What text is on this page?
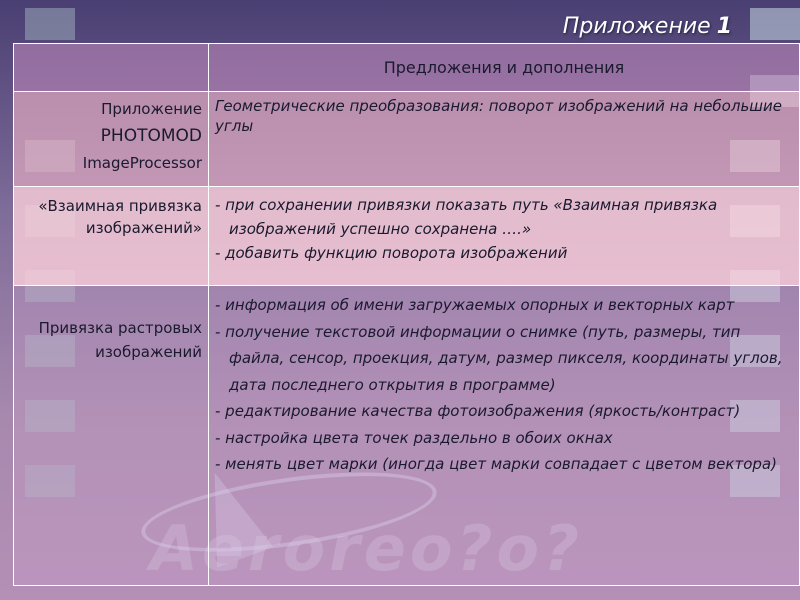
Aeroreo?o?
Приложение 1
	Предложения и дополнения

Приложение
PHOTOMOD
ImageProcessor	Геометрические преобразования: поворот изображений на небольшие углы

«Взаимная привязка изображений»	- при сохранении привязки показать путь «Взаимная привязка изображений успешно сохранена ….»
- добавить функцию поворота изображений

Привязка растровых изображений	- информация об имени загружаемых опорных и векторных карт
- получение текстовой информации о снимке (путь, размеры, тип файла, сенсор, проекция, датум, размер пикселя, координаты углов, дата последнего открытия в программе)
- редактирование качества фотоизображения (яркость/контраст)
- настройка цвета точек раздельно в обоих окнах
- менять цвет марки (иногда цвет марки совпадает с цветом вектора)
